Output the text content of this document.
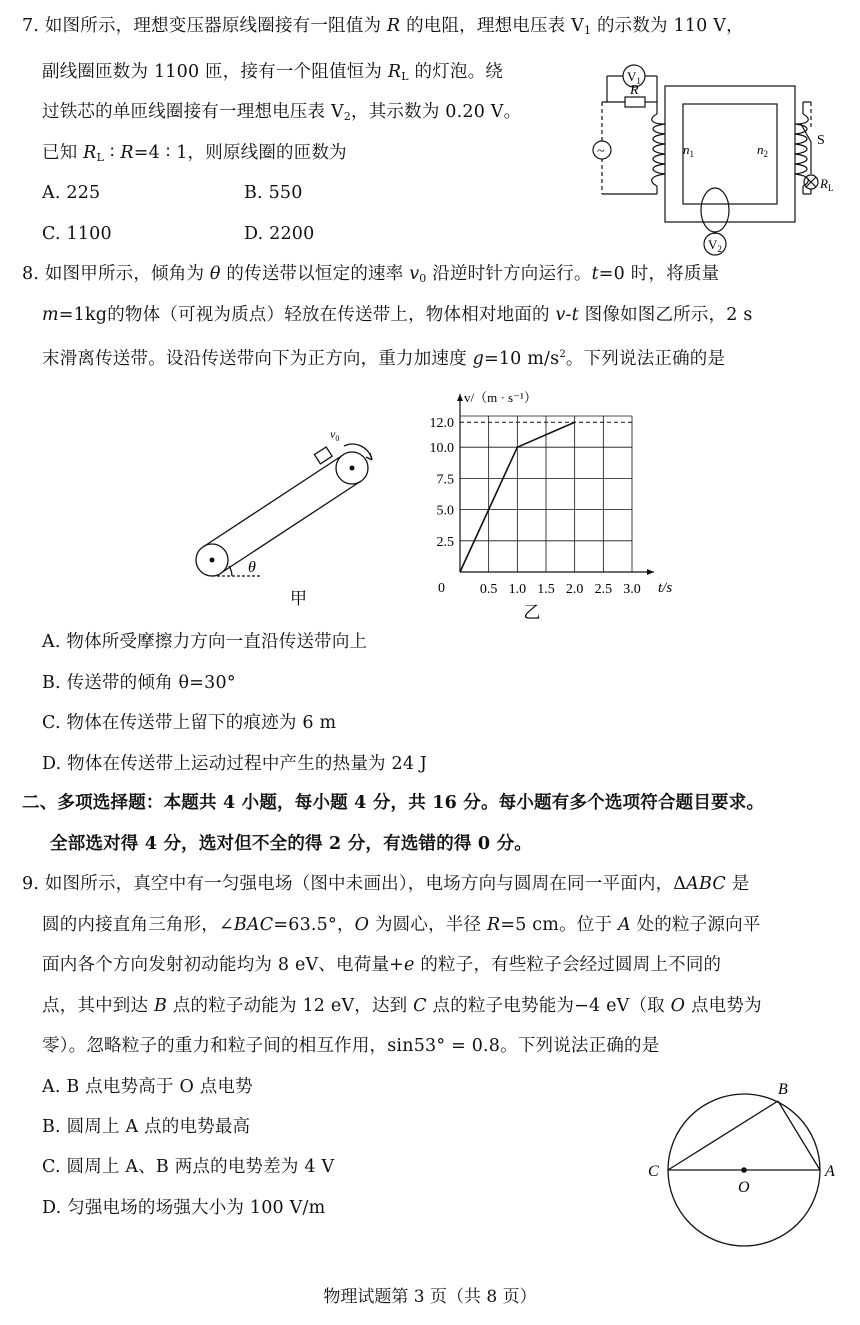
7. 如图所示，理想变压器原线圈接有一阻值为 R 的电阻，理想电压表 $V_1$ 的示数为 110 V，
副线圈匝数为 1100 匝，接有一个阻值恒为 $R_L$ 的灯泡。绕
过铁芯的单匝线圈接有一理想电压表 $V_2$，其示数为 0.20 V。
已知 $R_L$ ∶ R=4 ∶ 1，则原线圈的匝数为
A. 225	B. 550
C. 1100	D. 2200
$V_1$
R
~	$n_1$	$n_2$
S
$R_L$
$V_2$
8. 如图甲所示，倾角为 θ 的传送带以恒定的速率 $v_0$ 沿逆时针方向运行。t=0 时，将质量
m=1kg的物体（可视为质点）轻放在传送带上，物体相对地面的 v-t 图像如图乙所示，2 s
末滑离传送带。设沿传送带向下为正方向，重力加速度 g=10 $m/s^2$。下列说法正确的是
$v_0$
θ
甲	0.5 1.0 1.5 2.0 2.5 3.0
2.5
5.0
7.5
10.0
12.0
0	t/s
v/（m · s⁻¹）
乙
A. 物体所受摩擦力方向一直沿传送带向上
B. 传送带的倾角 θ=30°
C. 物体在传送带上留下的痕迹为 6 m
D. 物体在传送带上运动过程中产生的热量为 24 J
二、多项选择题：本题共 4 小题，每小题 4 分，共 16 分。每小题有多个选项符合题目要求。
全部选对得 4 分，选对但不全的得 2 分，有选错的得 0 分。
9. 如图所示，真空中有一匀强电场（图中未画出），电场方向与圆周在同一平面内，ΔABC 是
圆的内接直角三角形，∠BAC=63.5°，O 为圆心，半径 R=5 cm。位于 A 处的粒子源向平
面内各个方向发射初动能均为 8 eV、电荷量+e 的粒子，有些粒子会经过圆周上不同的
点，其中到达 B 点的粒子动能为 12 eV，达到 C 点的粒子电势能为−4 eV（取 O 点电势为
零）。忽略粒子的重力和粒子间的相互作用，sin53° = 0.8。下列说法正确的是
A. B 点电势高于 O 点电势
B. 圆周上 A 点的电势最高
C. 圆周上 A、B 两点的电势差为 4 V
D. 匀强电场的场强大小为 100 V/m
B
C	A
O
物理试题第 3 页（共 8 页）
